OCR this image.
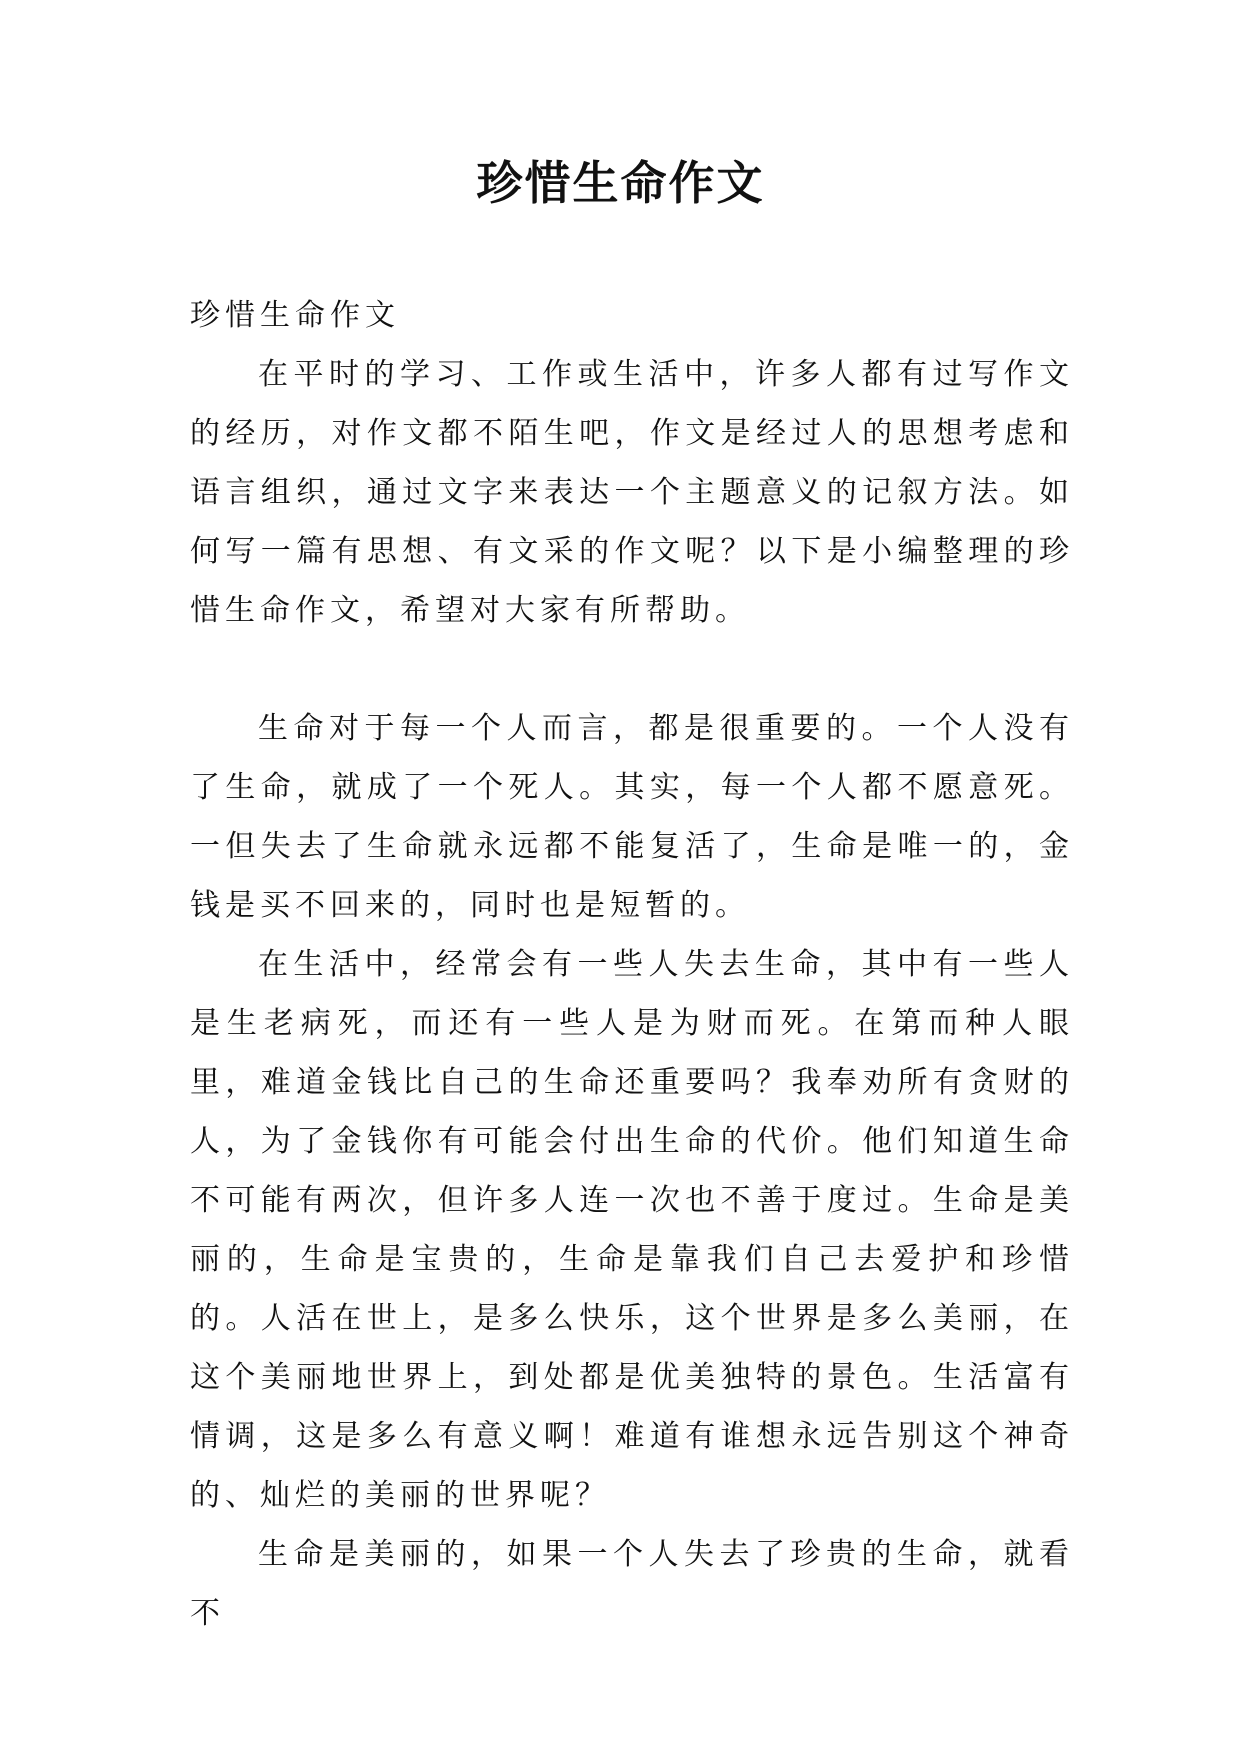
珍惜生命作文

珍惜生命作文

在平时的学习、工作或生活中，许多人都有过写作文的经历，对作文都不陌生吧，作文是经过人的思想考虑和语言组织，通过文字来表达一个主题意义的记叙方法。如何写一篇有思想、有文采的作文呢？以下是小编整理的珍惜生命作文，希望对大家有所帮助。

生命对于每一个人而言，都是很重要的。一个人没有了生命，就成了一个死人。其实，每一个人都不愿意死。一但失去了生命就永远都不能复活了，生命是唯一的，金钱是买不回来的，同时也是短暂的。

在生活中，经常会有一些人失去生命，其中有一些人是生老病死，而还有一些人是为财而死。在第而种人眼里，难道金钱比自己的生命还重要吗？我奉劝所有贪财的人，为了金钱你有可能会付出生命的代价。他们知道生命不可能有两次，但许多人连一次也不善于度过。生命是美丽的，生命是宝贵的，生命是靠我们自己去爱护和珍惜的。人活在世上，是多么快乐，这个世界是多么美丽，在这个美丽地世界上，到处都是优美独特的景色。生活富有情调，这是多么有意义啊！难道有谁想永远告别这个神奇的、灿烂的美丽的世界呢？

生命是美丽的，如果一个人失去了珍贵的生命，就看不
